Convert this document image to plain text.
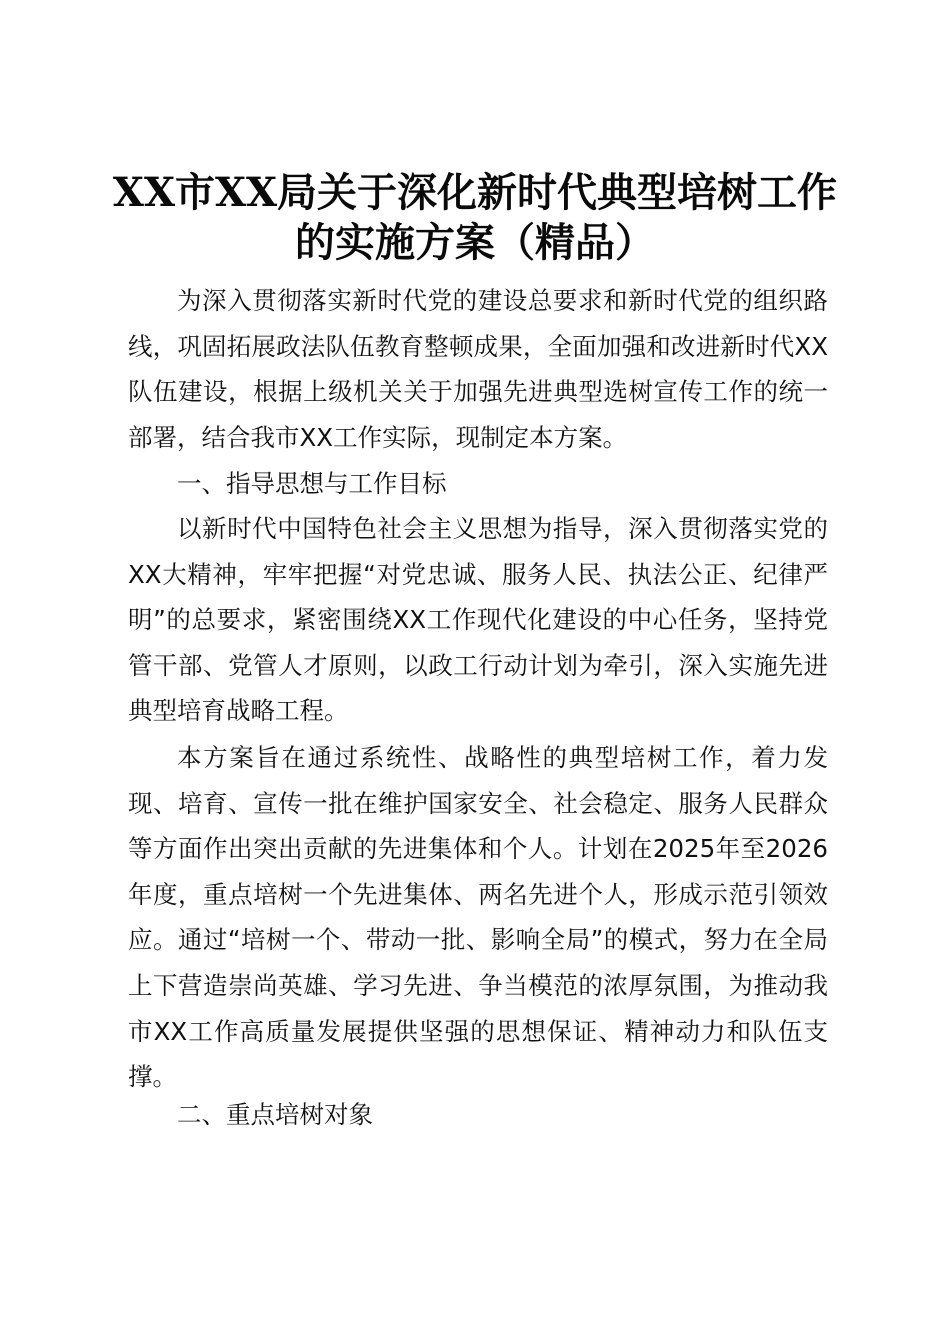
XX市XX局关于深化新时代典型培树工作的实施方案（精品）

为深入贯彻落实新时代党的建设总要求和新时代党的组织路线，巩固拓展政法队伍教育整顿成果，全面加强和改进新时代XX队伍建设，根据上级机关关于加强先进典型选树宣传工作的统一部署，结合我市XX工作实际，现制定本方案。

一、指导思想与工作目标

以新时代中国特色社会主义思想为指导，深入贯彻落实党的XX大精神，牢牢把握“对党忠诚、服务人民、执法公正、纪律严明”的总要求，紧密围绕XX工作现代化建设的中心任务，坚持党管干部、党管人才原则，以政工行动计划为牵引，深入实施先进典型培育战略工程。

本方案旨在通过系统性、战略性的典型培树工作，着力发现、培育、宣传一批在维护国家安全、社会稳定、服务人民群众等方面作出突出贡献的先进集体和个人。计划在2025年至2026年度，重点培树一个先进集体、两名先进个人，形成示范引领效应。通过“培树一个、带动一批、影响全局”的模式，努力在全局上下营造崇尚英雄、学习先进、争当模范的浓厚氛围，为推动我市XX工作高质量发展提供坚强的思想保证、精神动力和队伍支撑。

二、重点培树对象
